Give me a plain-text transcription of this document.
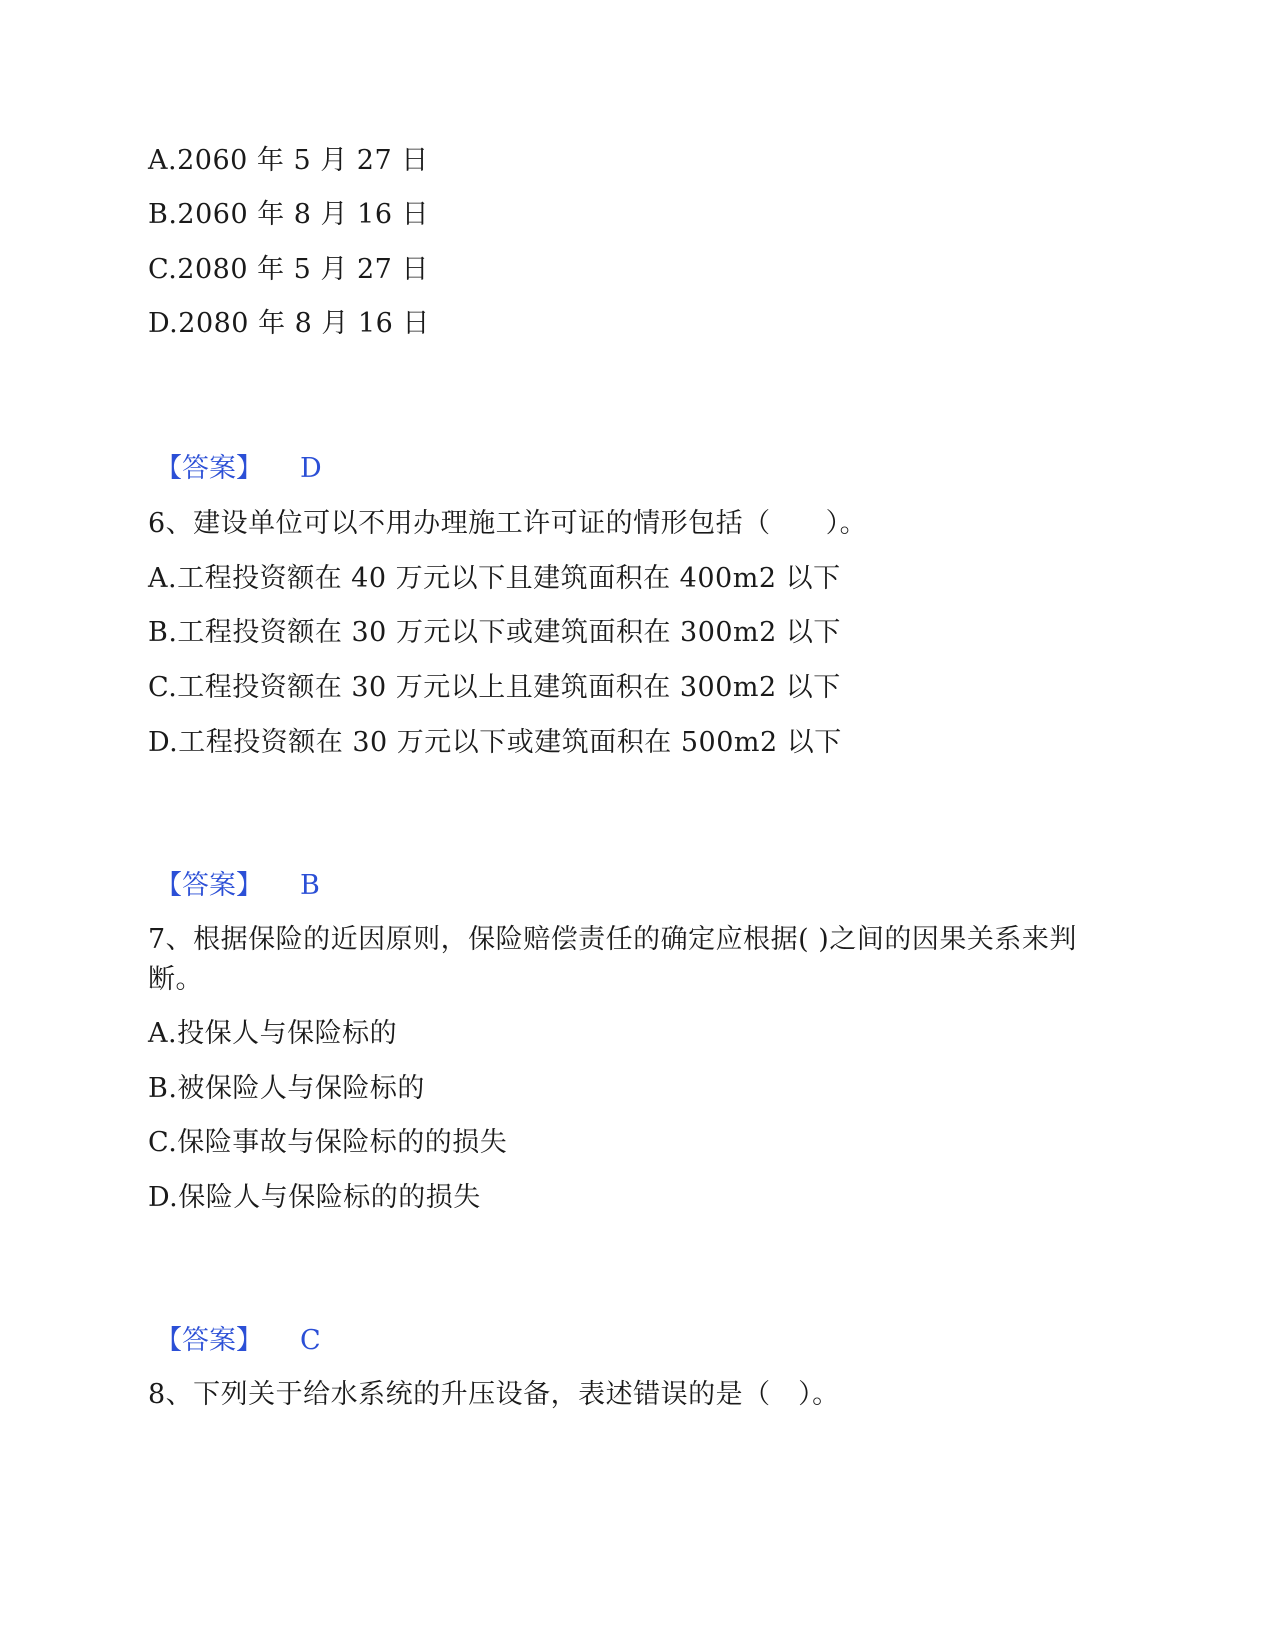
A.2060 年 5 月 27 日
B.2060 年 8 月 16 日
C.2080 年 5 月 27 日
D.2080 年 8 月 16 日
【答案】 D
6、建设单位可以不用办理施工许可证的情形包括（　　）。
A.工程投资额在 40 万元以下且建筑面积在 400m2 以下
B.工程投资额在 30 万元以下或建筑面积在 300m2 以下
C.工程投资额在 30 万元以上且建筑面积在 300m2 以下
D.工程投资额在 30 万元以下或建筑面积在 500m2 以下
【答案】 B
7、根据保险的近因原则，保险赔偿责任的确定应根据( )之间的因果关系来判断。
A.投保人与保险标的
B.被保险人与保险标的
C.保险事故与保险标的的损失
D.保险人与保险标的的损失
【答案】 C
8、下列关于给水系统的升压设备，表述错误的是（　）。
